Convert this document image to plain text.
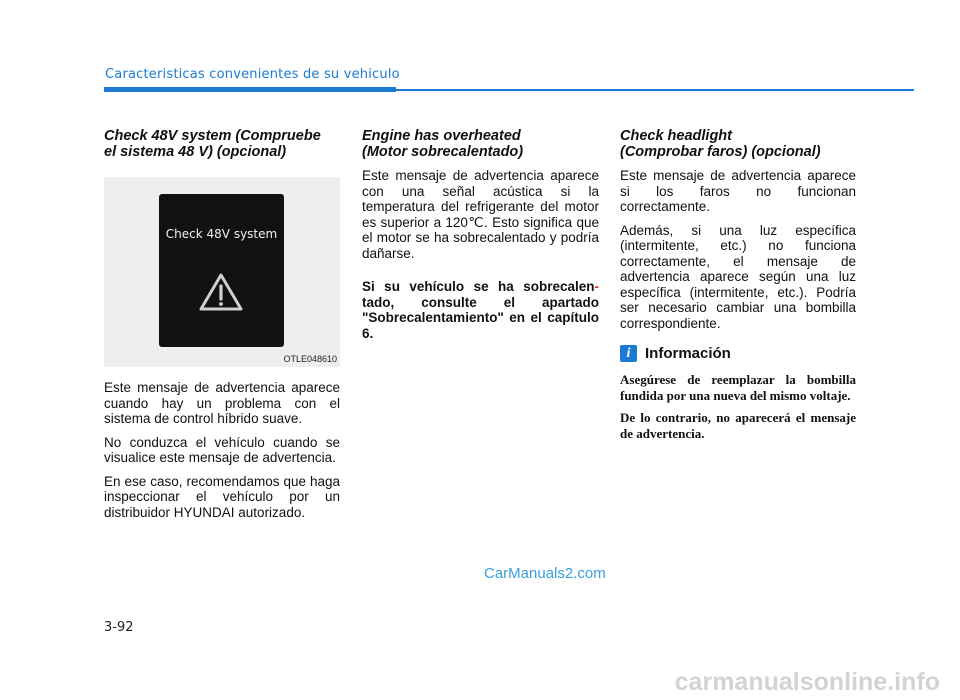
Caracteristicas convenientes de su vehiculo

Check 48V system (Compruebe
el sistema 48 V) (opcional)

Check 48V system
OTLE048610

Este mensaje de advertencia aparece cuando hay un problema con el sistema de control híbrido suave.

No conduzca el vehículo cuando se visualice este mensaje de advertencia.

En ese caso, recomendamos que haga inspeccionar el vehículo por un distribuidor HYUNDAI autorizado.

Engine has overheated
(Motor sobrecalentado)

Este mensaje de advertencia aparece con una señal acústica si la temperatura del refrigerante del motor es superior a 120℃. Esto significa que el motor se ha sobrecalentado y podría dañarse.

Si su vehículo se ha sobrecalen- tado, consulte el apartado "Sobrecalentamiento" en el capítulo 6.

Check headlight
(Comprobar faros) (opcional)

Este mensaje de advertencia aparece si los faros no funcionan correctamente.

Además, si una luz específica (intermitente, etc.) no funciona correctamente, el mensaje de advertencia aparece según una luz específica (intermitente, etc.). Podría ser necesario cambiar una bombilla correspondiente.

i Información

Asegúrese de reemplazar la bombilla fundida por una nueva del mismo voltaje.

De lo contrario, no aparecerá el mensaje de advertencia.

CarManuals2.com
3-92
carmanualsonline.info
